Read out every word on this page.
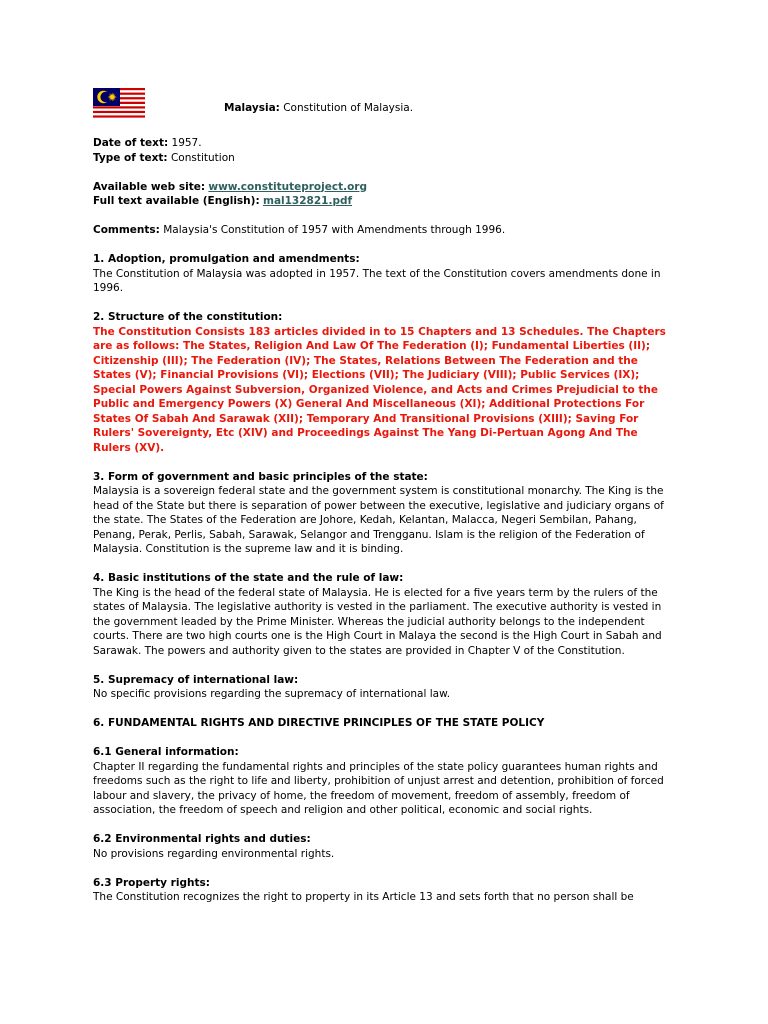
Malaysia: Constitution of Malaysia.
Date of text: 1957.
Type of text: Constitution
Available web site: www.constituteproject.org
Full text available (English): mal132821.pdf
Comments: Malaysia's Constitution of 1957 with Amendments through 1996.
1. Adoption, promulgation and amendments:
The Constitution of Malaysia was adopted in 1957. The text of the Constitution covers amendments done in 1996.
2. Structure of the constitution:
The Constitution Consists 183 articles divided in to 15 Chapters and 13 Schedules. The Chapters are as follows: The States, Religion And Law Of The Federation (I); Fundamental Liberties (II); Citizenship (III); The Federation (IV); The States, Relations Between The Federation and the States (V); Financial Provisions (VI); Elections (VII); The Judiciary (VIII); Public Services (IX); Special Powers Against Subversion, Organized Violence, and Acts and Crimes Prejudicial to the Public and Emergency Powers (X) General And Miscellaneous (XI); Additional Protections For States Of Sabah And Sarawak (XII); Temporary And Transitional Provisions (XIII); Saving For Rulers' Sovereignty, Etc (XIV) and Proceedings Against The Yang Di-Pertuan Agong And The Rulers (XV).
3. Form of government and basic principles of the state:
Malaysia is a sovereign federal state and the government system is constitutional monarchy. The King is the head of the State but there is separation of power between the executive, legislative and judiciary organs of the state. The States of the Federation are Johore, Kedah, Kelantan, Malacca, Negeri Sembilan, Pahang, Penang, Perak, Perlis, Sabah, Sarawak, Selangor and Trengganu. Islam is the religion of the Federation of Malaysia. Constitution is the supreme law and it is binding.
4. Basic institutions of the state and the rule of law:
The King is the head of the federal state of Malaysia. He is elected for a five years term by the rulers of the states of Malaysia. The legislative authority is vested in the parliament. The executive authority is vested in the government leaded by the Prime Minister. Whereas the judicial authority belongs to the independent courts. There are two high courts one is the High Court in Malaya the second is the High Court in Sabah and Sarawak. The powers and authority given to the states are provided in Chapter V of the Constitution.
5. Supremacy of international law:
No specific provisions regarding the supremacy of international law.
6. FUNDAMENTAL RIGHTS AND DIRECTIVE PRINCIPLES OF THE STATE POLICY
6.1 General information:
Chapter II regarding the fundamental rights and principles of the state policy guarantees human rights and freedoms such as the right to life and liberty, prohibition of unjust arrest and detention, prohibition of forced labour and slavery, the privacy of home, the freedom of movement, freedom of assembly, freedom of association, the freedom of speech and religion and other political, economic and social rights.
6.2 Environmental rights and duties:
No provisions regarding environmental rights.
6.3 Property rights:
The Constitution recognizes the right to property in its Article 13 and sets forth that no person shall be
